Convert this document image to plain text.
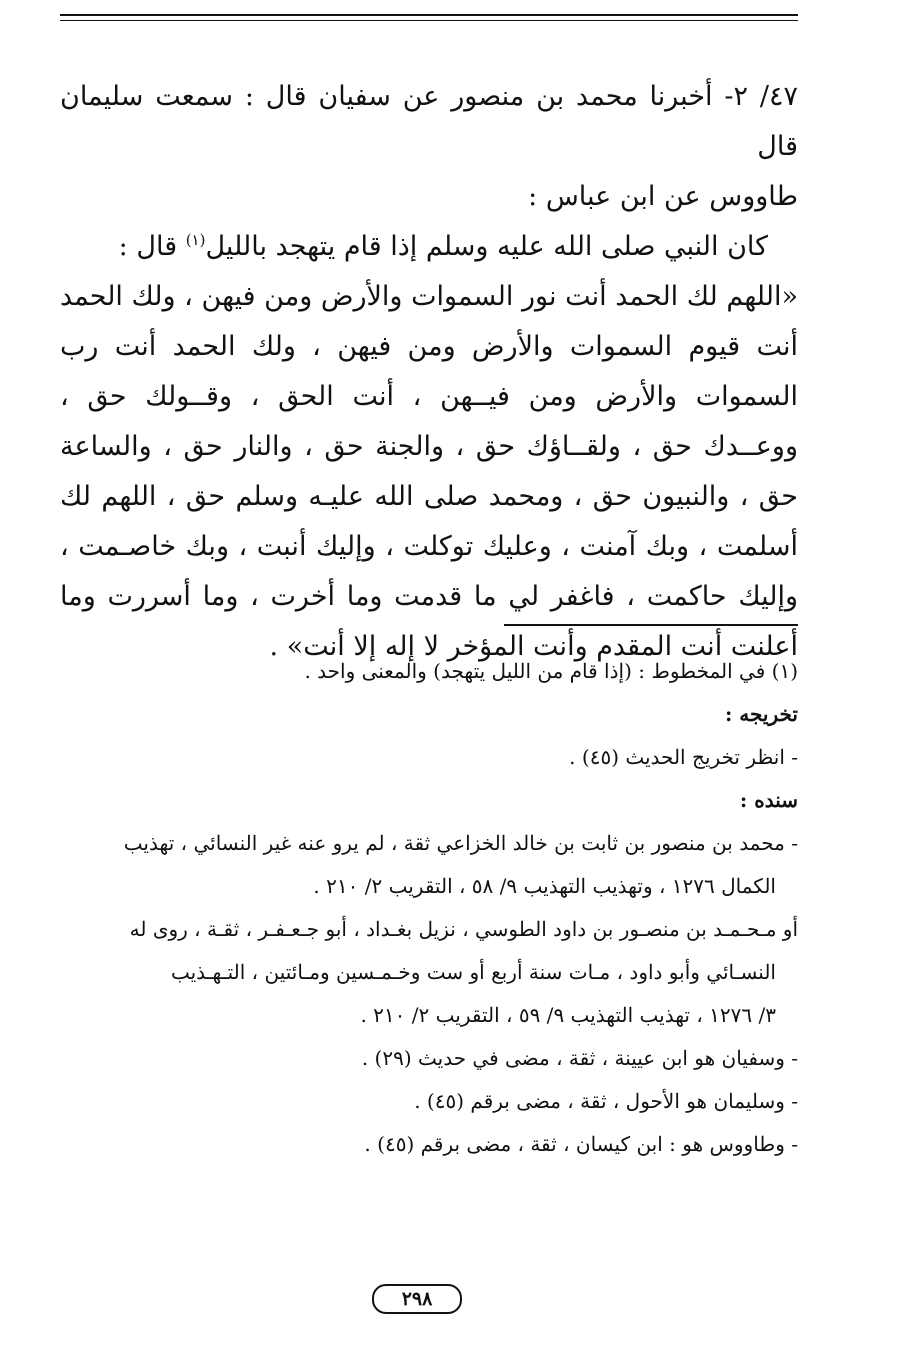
٤٧/ ٢- أخبرنا محمد بن منصور عن سفيان قال : سمعت سليمان قال

طاووس عن ابن عباس :

كان النبي صلى الله عليه وسلم إذا قام يتهجد بالليل$^{(١)}$ قال :

«اللهم لك الحمد أنت نور السموات والأرض ومن فيهن ، ولك الحمد أنت قيوم السموات والأرض ومن فيهن ، ولك الحمد أنت رب السموات والأرض ومن فيــهن ، أنت الحق ، وقــولك حق ، ووعــدك حق ، ولقــاؤك حق ، والجنة حق ، والنار حق ، والساعة حق ، والنبيون حق ، ومحمد صلى الله عليـه وسلم حق ، اللهم لك أسلمت ، وبك آمنت ، وعليك توكلت ، وإليك أنبت ، وبك خاصـمت ، وإليك حاكمت ، فاغفر لي ما قدمت وما أخرت ، وما أسررت وما أعلنت أنت المقدم وأنت المؤخر لا إله إلا أنت» .

(١) في المخطوط : (إذا قام من الليل يتهجد) والمعنى واحد .

تخريجه :

- انظر تخريج الحديث (٤٥) .

سنده :

- محمد بن منصور بن ثابت بن خالد الخزاعي ثقة ، لم يرو عنه غير النسائي ، تهذيب

الكمال ١٢٧٦ ، وتهذيب التهذيب ٩/ ٥٨ ، التقريب ٢/ ٢١٠ .

أو مـحـمـد بن منصـور بن داود الطوسي ، نزيل بغـداد ، أبو جـعـفـر ، ثقـة ، روى له

النسـائي وأبو داود ، مـات سنة أربع أو ست وخـمـسين ومـائتين ، التـهـذيب

٣/ ١٢٧٦ ، تهذيب التهذيب ٩/ ٥٩ ، التقريب ٢/ ٢١٠ .

- وسفيان هو ابن عيينة ، ثقة ، مضى في حديث (٢٩) .

- وسليمان هو الأحول ، ثقة ، مضى برقم (٤٥) .

- وطاووس هو : ابن كيسان ، ثقة ، مضى برقم (٤٥) .

٢٩٨
